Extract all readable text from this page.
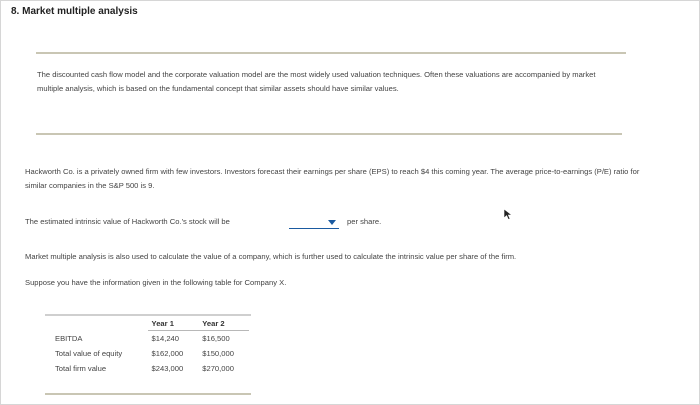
8. Market multiple analysis

The discounted cash flow model and the corporate valuation model are the most widely used valuation techniques. Often these valuations are accompanied by market multiple analysis, which is based on the fundamental concept that similar assets should have similar values.

Hackworth Co. is a privately owned firm with few investors. Investors forecast their earnings per share (EPS) to reach $4 this coming year. The average price-to-earnings (P/E) ratio for similar companies in the S&P 500 is 9.

The estimated intrinsic value of Hackworth Co.'s stock will be	per share.

Market multiple analysis is also used to calculate the value of a company, which is further used to calculate the intrinsic value per share of the firm.

Suppose you have the information given in the following table for Company X.

	Year 1	Year 2
EBITDA	$14,240	$16,500
Total value of equity	$162,000	$150,000
Total firm value	$243,000	$270,000
